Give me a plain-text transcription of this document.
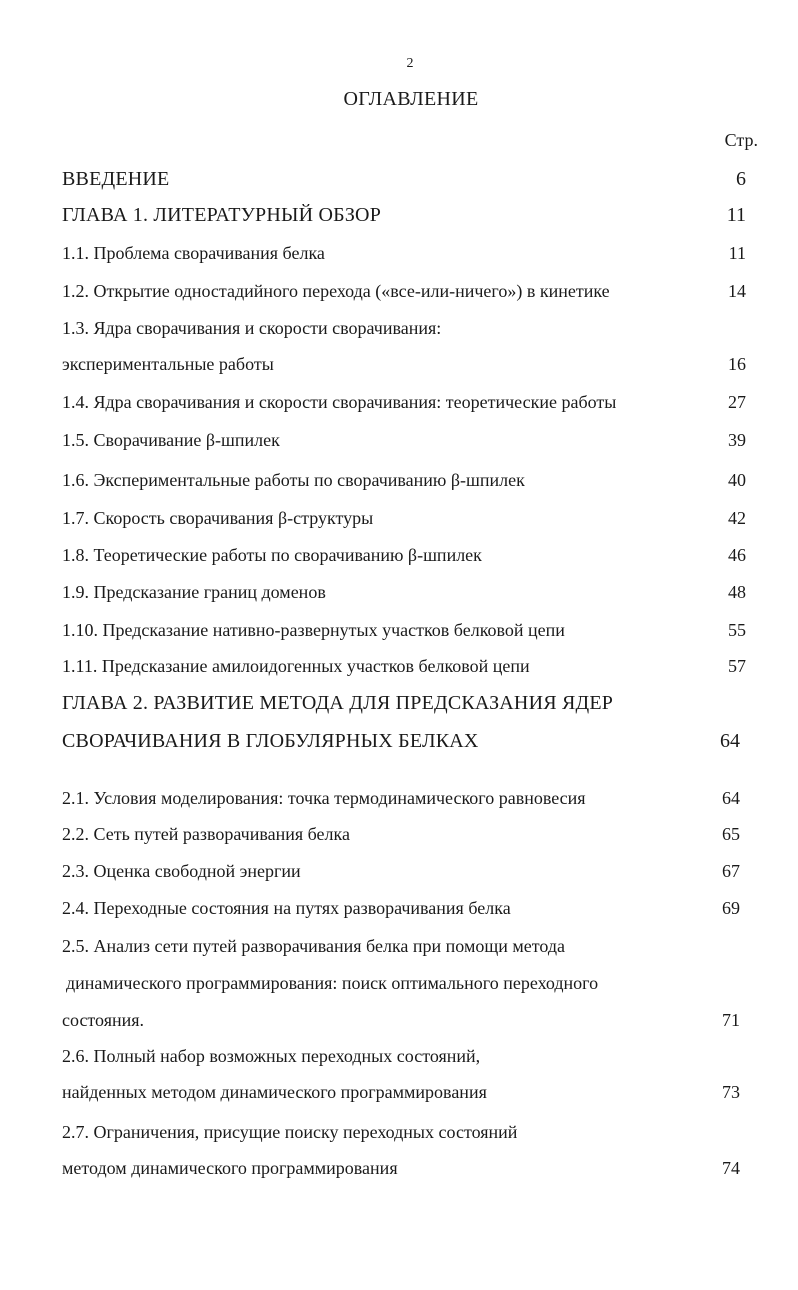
2
ОГЛАВЛЕНИЕ
Стр.
ВВЕДЕНИЕ	6
ГЛАВА 1. ЛИТЕРАТУРНЫЙ ОБЗОР	11
1.1. Проблема сворачивания белка	11
1.2. Открытие одностадийного перехода («все-или-ничего») в кинетике	14
1.3. Ядра сворачивания и скорости сворачивания:
экспериментальные работы	16
1.4. Ядра сворачивания и скорости сворачивания: теоретические работы	27
1.5. Сворачивание β-шпилек	39
1.6. Экспериментальные работы по сворачиванию β-шпилек	40
1.7. Скорость сворачивания β-структуры	42
1.8. Теоретические работы по сворачиванию β-шпилек	46
1.9. Предсказание границ доменов	48
1.10. Предсказание нативно-развернутых участков белковой цепи	55
1.11. Предсказание амилоидогенных участков белковой цепи	57
ГЛАВА 2. РАЗВИТИЕ МЕТОДА ДЛЯ ПРЕДСКАЗАНИЯ ЯДЕР
СВОРАЧИВАНИЯ В ГЛОБУЛЯРНЫХ БЕЛКАХ	64
2.1. Условия моделирования: точка термодинамического равновесия	64
2.2. Сеть путей разворачивания белка	65
2.3. Оценка свободной энергии	67
2.4. Переходные состояния на путях разворачивания белка	69
2.5. Анализ сети путей разворачивания белка при помощи метода
динамического программирования: поиск оптимального переходного
состояния.	71
2.6. Полный набор возможных переходных состояний,
найденных методом динамического программирования	73
2.7. Ограничения, присущие поиску переходных состояний
методом динамического программирования	74
